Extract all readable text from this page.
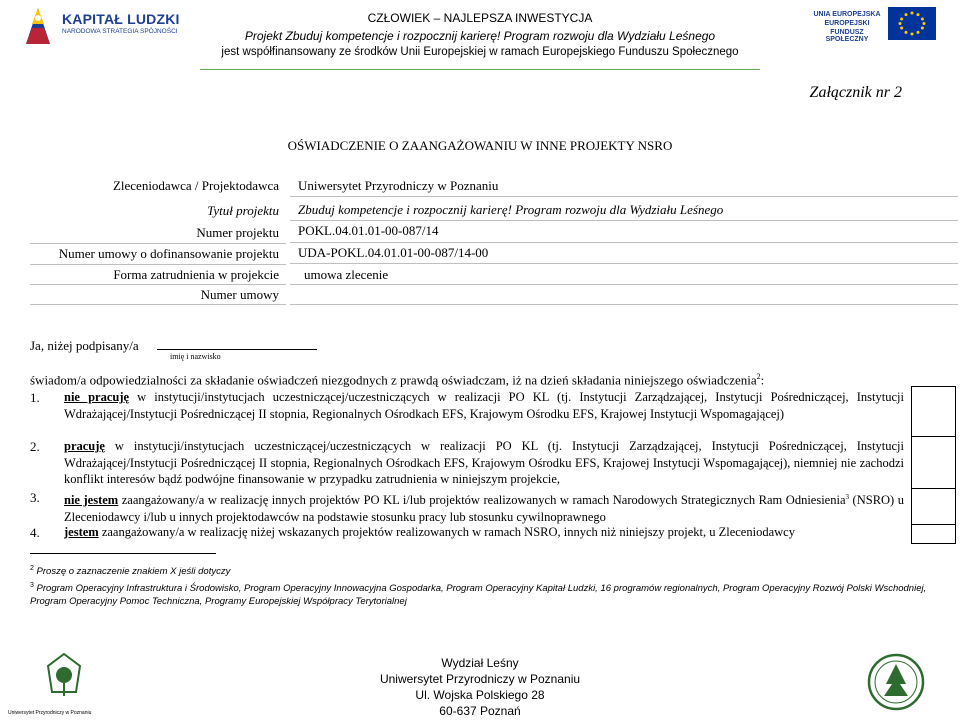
KAPITAŁ LUDZKI
NARODOWA STRATEGIA SPÓJNOŚCI
CZŁOWIEK – NAJLEPSZA INWESTYCJA
Projekt Zbuduj kompetencje i rozpocznij karierę! Program rozwoju dla Wydziału Leśnego
jest współfinansowany ze środków Unii Europejskiej w ramach Europejskiego Funduszu Społecznego
UNIA EUROPEJSKA
EUROPEJSKI
FUNDUSZ SPOŁECZNY
Załącznik nr 2
OŚWIADCZENIE O ZAANGAŻOWANIU W INNE PROJEKTY NSRO
Zleceniodawca / Projektodawca Uniwersytet Przyrodniczy w Poznaniu
Tytuł projektu Zbuduj kompetencje i rozpocznij karierę! Program rozwoju dla Wydziału Leśnego
Numer projektu POKL.04.01.01-00-087/14
Numer umowy o dofinansowanie projektu UDA-POKL.04.01.01-00-087/14-00
Forma zatrudnienia w projekcie umowa zlecenie
Numer umowy
Ja, niżej podpisany/a
imię i nazwisko
świadom/a odpowiedzialności za składanie oświadczeń niezgodnych z prawdą oświadczam, iż na dzień składania niniejszego oświadczenia$^2$:
1. nie pracuję w instytucji/instytucjach uczestniczącej/uczestniczących w realizacji PO KL (tj. Instytucji Zarządzającej, Instytucji Pośredniczącej, Instytucji Wdrażającej/Instytucji Pośredniczącej II stopnia, Regionalnych Ośrodkach EFS, Krajowym Ośrodku EFS, Krajowej Instytucji Wspomagającej)
2. pracuję w instytucji/instytucjach uczestniczącej/uczestniczących w realizacji PO KL (tj. Instytucji Zarządzającej, Instytucji Pośredniczącej, Instytucji Wdrażającej/Instytucji Pośredniczącej II stopnia, Regionalnych Ośrodkach EFS, Krajowym Ośrodku EFS, Krajowej Instytucji Wspomagającej), niemniej nie zachodzi konflikt interesów bądź podwójne finansowanie w przypadku zatrudnienia w niniejszym projekcie,
3. nie jestem zaangażowany/a w realizację innych projektów PO KL i/lub projektów realizowanych w ramach Narodowych Strategicznych Ram Odniesienia$^3$ (NSRO) u Zleceniodawcy i/lub u innych projektodawców na podstawie stosunku pracy lub stosunku cywilnoprawnego
4. jestem zaangażowany/a w realizację niżej wskazanych projektów realizowanych w ramach NSRO, innych niż niniejszy projekt, u Zleceniodawcy
$^2$ Proszę o zaznaczenie znakiem X jeśli dotyczy
$^3$ Program Operacyjny Infrastruktura i Środowisko, Program Operacyjny Innowacyjna Gospodarka, Program Operacyjny Kapitał Ludzki, 16 programów regionalnych, Program Operacyjny Rozwój Polski Wschodniej, Program Operacyjny Pomoc Techniczna, Programy Europejskiej Współpracy Terytorialnej
Uniwersytet Przyrodniczy w Poznaniu
Wydział Leśny
Uniwersytet Przyrodniczy w Poznaniu
Ul. Wojska Polskiego 28
60-637 Poznań
